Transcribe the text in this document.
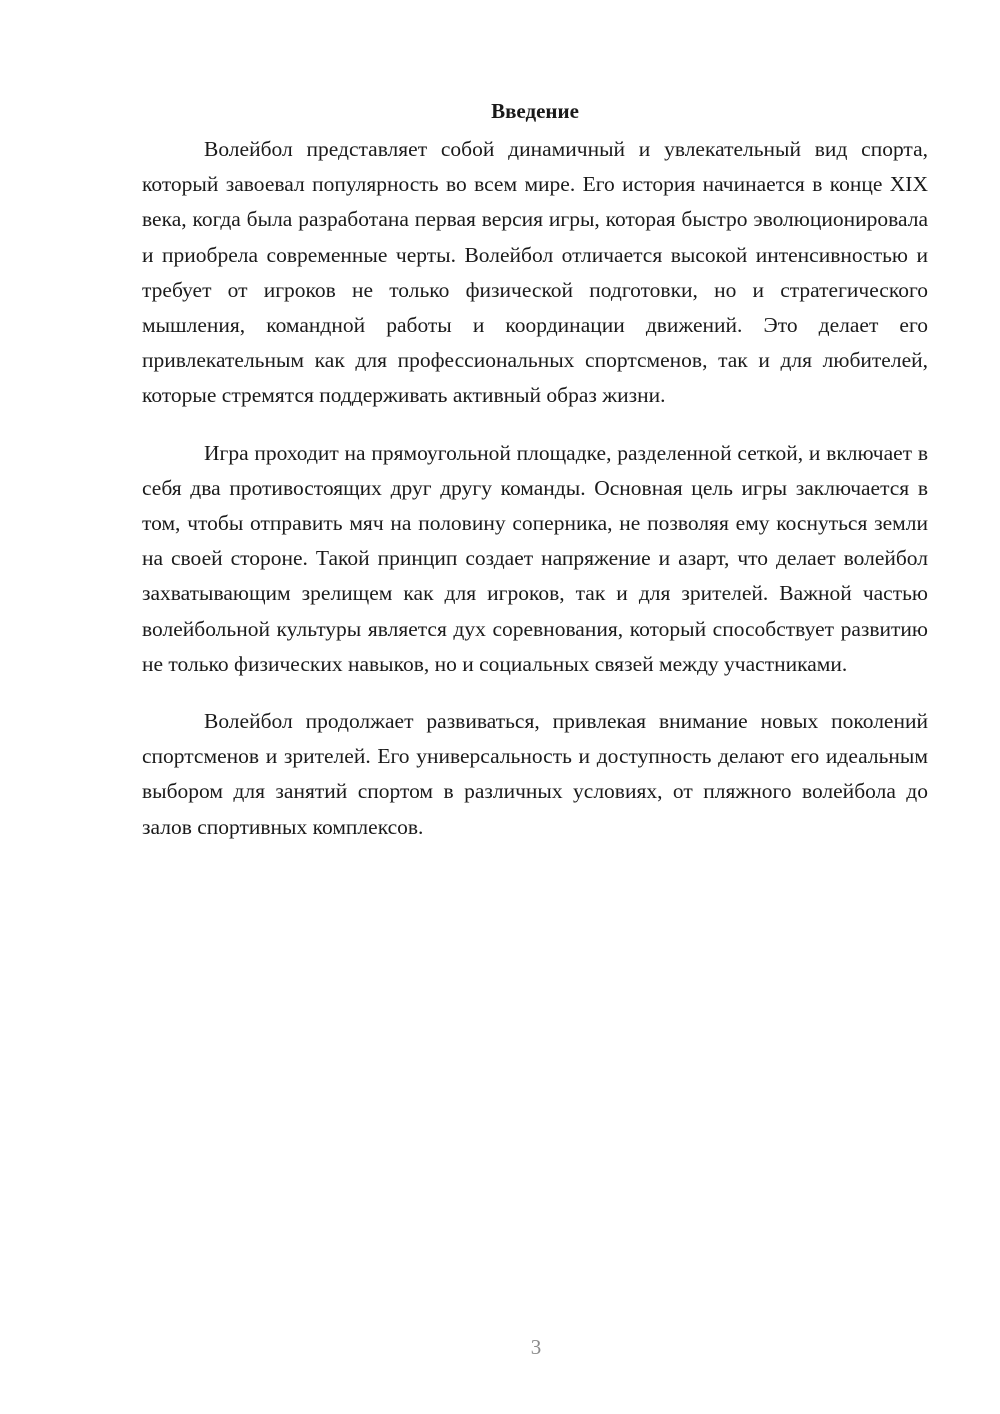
Введение

Волейбол представляет собой динамичный и увлекательный вид спорта, который завоевал популярность во всем мире. Его история начинается в конце XIX века, когда была разработана первая версия игры, которая быстро эволюционировала и приобрела современные черты. Волейбол отличается высокой интенсивностью и требует от игроков не только физической подготовки, но и стратегического мышления, командной работы и координации движений. Это делает его привлекательным как для профессиональных спортсменов, так и для любителей, которые стремятся поддерживать активный образ жизни.

Игра проходит на прямоугольной площадке, разделенной сеткой, и включает в себя два противостоящих друг другу команды. Основная цель игры заключается в том, чтобы отправить мяч на половину соперника, не позволяя ему коснуться земли на своей стороне. Такой принцип создает напряжение и азарт, что делает волейбол захватывающим зрелищем как для игроков, так и для зрителей. Важной частью волейбольной культуры является дух соревнования, который способствует развитию не только физических навыков, но и социальных связей между участниками.

Волейбол продолжает развиваться, привлекая внимание новых поколений спортсменов и зрителей. Его универсальность и доступность делают его идеальным выбором для занятий спортом в различных условиях, от пляжного волейбола до залов спортивных комплексов.

3
